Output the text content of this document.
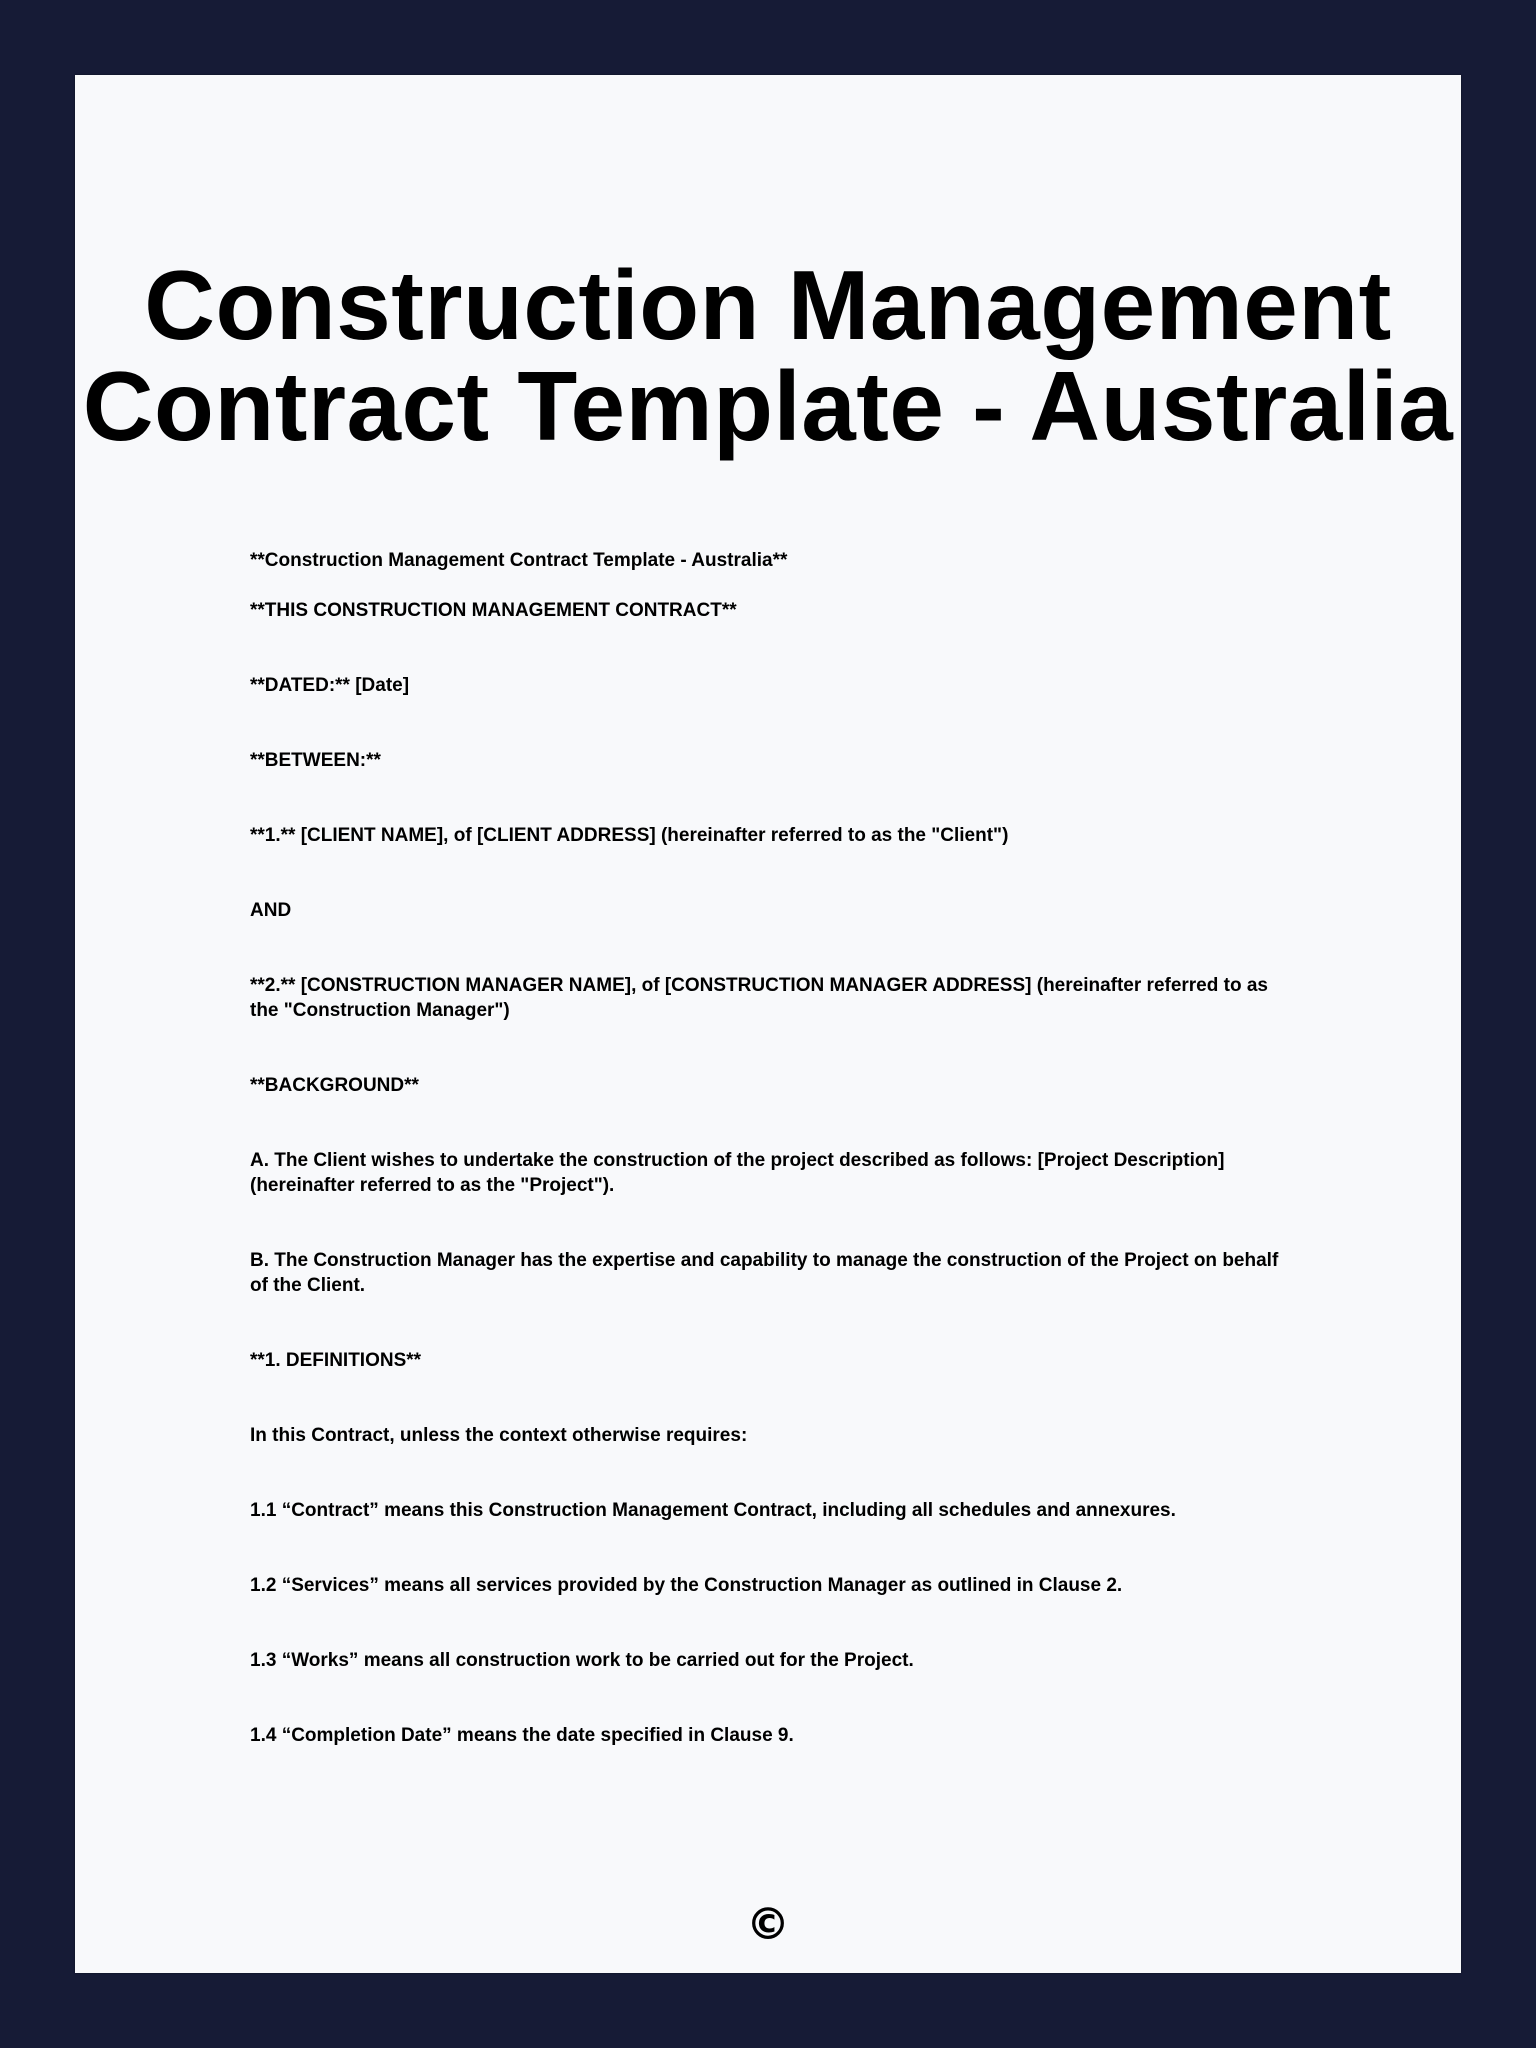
Construction Management
Contract Template - Australia

**Construction Management Contract Template - Australia**

**THIS CONSTRUCTION MANAGEMENT CONTRACT**

**DATED:** [Date]

**BETWEEN:**

**1.** [CLIENT NAME], of [CLIENT ADDRESS] (hereinafter referred to as the "Client")

AND

**2.** [CONSTRUCTION MANAGER NAME], of [CONSTRUCTION MANAGER ADDRESS] (hereinafter referred to as the "Construction Manager")

**BACKGROUND**

A. The Client wishes to undertake the construction of the project described as follows: [Project Description] (hereinafter referred to as the "Project").

B. The Construction Manager has the expertise and capability to manage the construction of the Project on behalf of the Client.

**1. DEFINITIONS**

In this Contract, unless the context otherwise requires:

1.1 “Contract” means this Construction Management Contract, including all schedules and annexures.

1.2 “Services” means all services provided by the Construction Manager as outlined in Clause 2.

1.3 “Works” means all construction work to be carried out for the Project.

1.4 “Completion Date” means the date specified in Clause 9.

©
